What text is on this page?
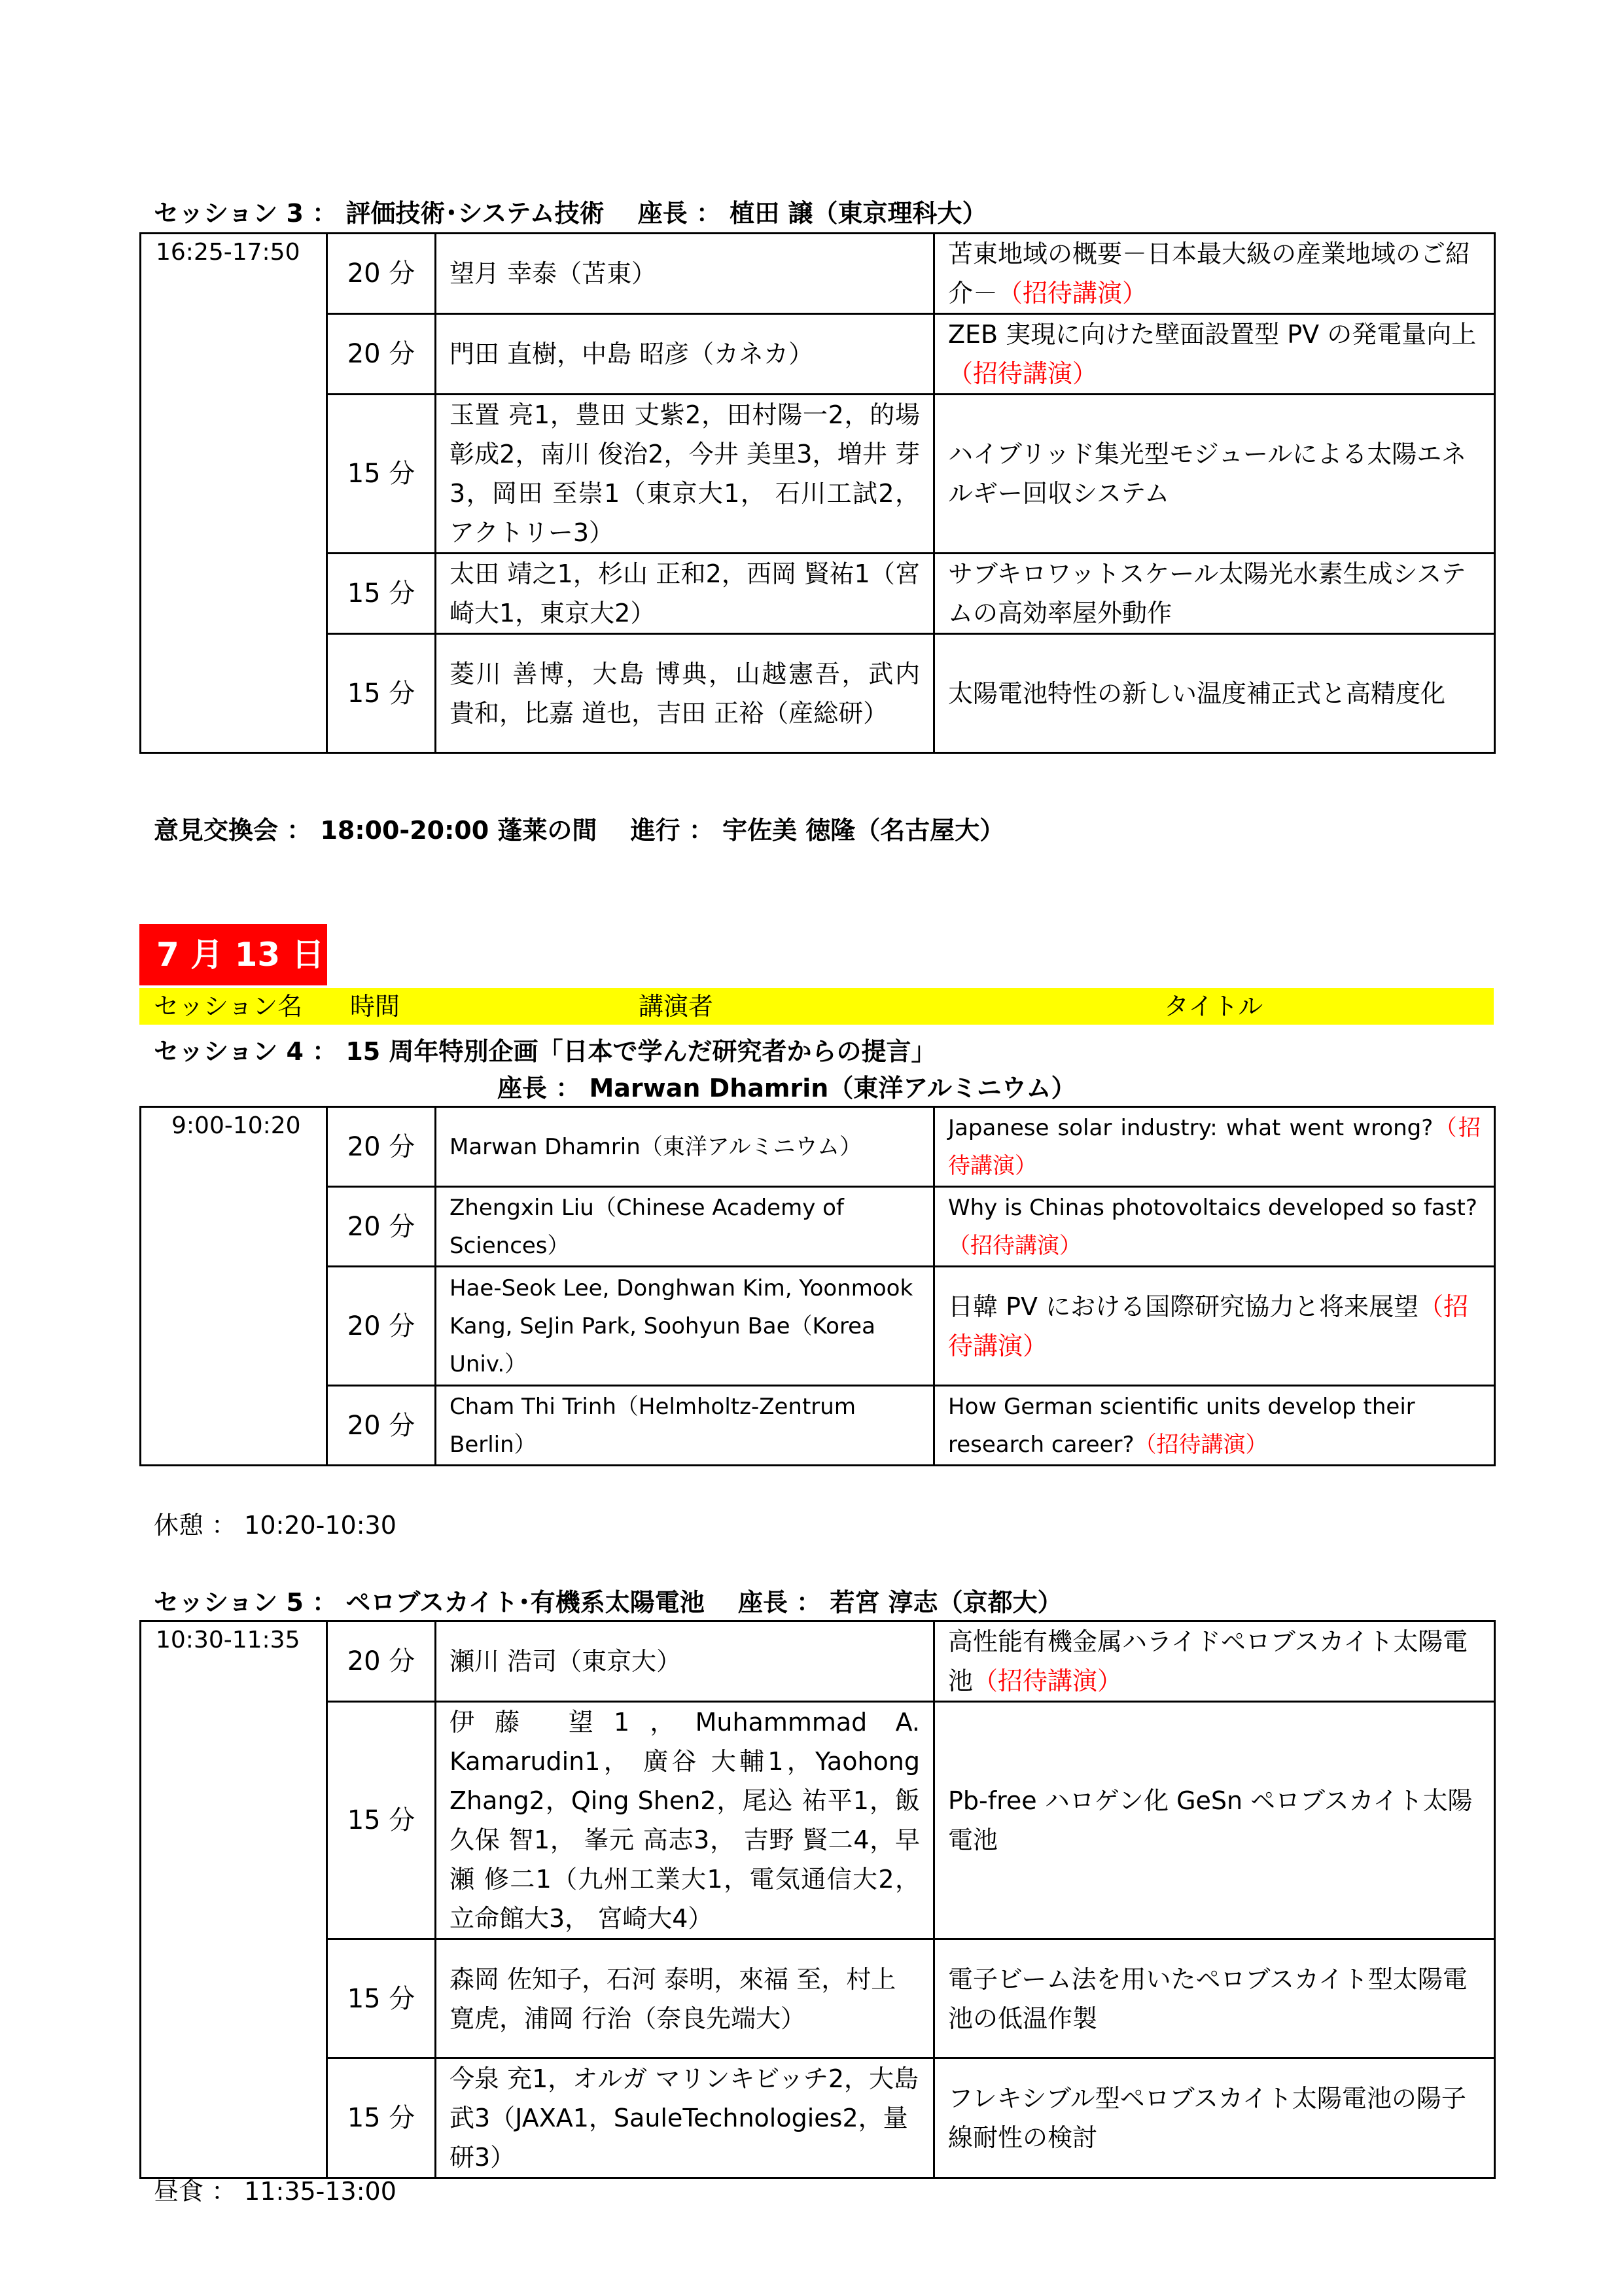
セッション 3 ： 評価技術･システム技術　 座長 ： 植田 譲（東京理科大）
16:25-17:50	20 分	望月 幸泰（苫東）	苫東地域の概要－日本最大級の産業地域のご紹介－（招待講演）
	20 分	門田 直樹，中島 昭彦（カネカ）	ZEB 実現に向けた壁面設置型 PV の発電量向上（招待講演）
	15 分	玉置 亮1，豊田 丈紫2，田村陽一2，的場 彰成2，南川 俊治2，今井 美里3，増井 芽3，岡田 至崇1（東京大1， 石川工試2，アクトリー3）	ハイブリッド集光型モジュールによる太陽エネルギー回収システム
	15 分	太田 靖之1，杉山 正和2，西岡 賢祐1（宮崎大1，東京大2）	サブキロワットスケール太陽光水素生成システムの高効率屋外動作
	15 分	菱川 善博，大島 博典，山越憲吾，武内 貴和，比嘉 道也，吉田 正裕（産総研）	太陽電池特性の新しい温度補正式と高精度化
意見交換会 ： 18:00-20:00 蓬莱の間　 進行 ： 宇佐美 徳隆（名古屋大）
7 月 13 日
セッション名 時間	講演者	タイトル
セッション 4 ： 15 周年特別企画「日本で学んだ研究者からの提言」
座長 ： Marwan Dhamrin（東洋アルミニウム）
9:00-10:20	20 分	Marwan Dhamrin（東洋アルミニウム）	Japanese solar industry: what went wrong?（招待講演）
	20 分	Zhengxin Liu（Chinese Academy of Sciences）	Why is Chinas photovoltaics developed so fast?（招待講演）
	20 分	Hae-Seok Lee, Donghwan Kim, Yoonmook Kang, SeJin Park, Soohyun Bae（Korea Univ.）	日韓 PV における国際研究協力と将来展望（招待講演）
	20 分	Cham Thi Trinh（Helmholtz-Zentrum Berlin）	How German scientific units develop their research career?（招待講演）
休憩 ： 10:20-10:30
セッション 5 ： ペロブスカイト･有機系太陽電池　 座長 ： 若宮 淳志（京都大）
10:30-11:35	20 分	瀬川 浩司（東京大）	高性能有機金属ハライドペロブスカイト太陽電池（招待講演）
	15 分	伊藤 望1，Muhammmad A. Kamarudin1， 廣谷 大輔1，Yaohong Zhang2，Qing Shen2，尾込 祐平1，飯久保 智1， 峯元 高志3， 吉野 賢二4，早瀬 修二1（九州工業大1，電気通信大2， 立命館大3， 宮崎大4）	Pb-free ハロゲン化 GeSn ペロブスカイト太陽電池
	15 分	森岡 佐知子，石河 泰明，來福 至，村上 寛虎，浦岡 行治（奈良先端大）	電子ビーム法を用いたペロブスカイト型太陽電池の低温作製
	15 分	今泉 充1，オルガ マリンキビッチ2，大島 武3（JAXA1，SauleTechnologies2，量研3）	フレキシブル型ペロブスカイト太陽電池の陽子線耐性の検討
昼食 ： 11:35-13:00
